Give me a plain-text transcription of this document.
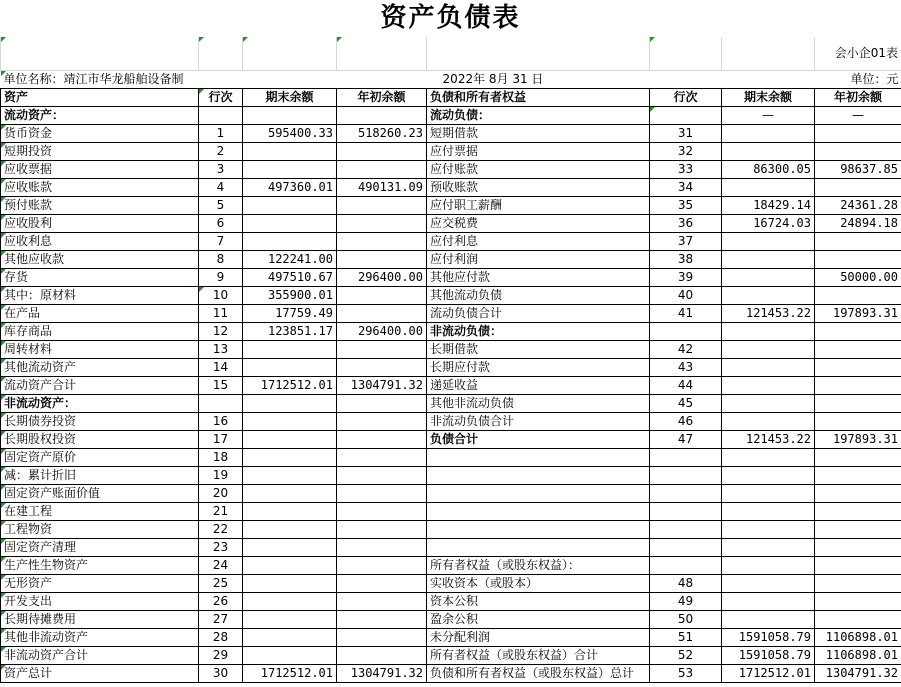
资产负债表
							会小企01表
单位名称：靖江市华龙船舶设备制			2022年 8月 31 日				单位：元
资产	行次	期末余额	年初余额	负债和所有者权益	行次	期末余额	年初余额
流动资产：				流动负债：		—	—
货币资金	1	595400.33	518260.23	短期借款	31		
短期投资	2			应付票据	32		
应收票据	3			应付账款	33	86300.05	98637.85
应收账款	4	497360.01	490131.09	预收账款	34		
预付账款	5			应付职工薪酬	35	18429.14	24361.28
应收股利	6			应交税费	36	16724.03	24894.18
应收利息	7			应付利息	37		
其他应收款	8	122241.00		应付利润	38		
存货	9	497510.67	296400.00	其他应付款	39		50000.00
其中：原材料	10	355900.01		其他流动负债	40		
在产品	11	17759.49		流动负债合计	41	121453.22	197893.31
库存商品	12	123851.17	296400.00	非流动负债：			
周转材料	13			长期借款	42		
其他流动资产	14			长期应付款	43		
流动资产合计	15	1712512.01	1304791.32	递延收益	44		
非流动资产：				其他非流动负债	45		
长期债券投资	16			非流动负债合计	46		
长期股权投资	17			负债合计	47	121453.22	197893.31
固定资产原价	18						
减：累计折旧	19						
固定资产账面价值	20						
在建工程	21						
工程物资	22						
固定资产清理	23						
生产性生物资产	24			所有者权益（或股东权益）：			
无形资产	25			实收资本（或股本）	48		
开发支出	26			资本公积	49		
长期待摊费用	27			盈余公积	50		
其他非流动资产	28			未分配利润	51	1591058.79	1106898.01
非流动资产合计	29			所有者权益（或股东权益）合计	52	1591058.79	1106898.01
资产总计	30	1712512.01	1304791.32	负债和所有者权益（或股东权益）总计	53	1712512.01	1304791.32
